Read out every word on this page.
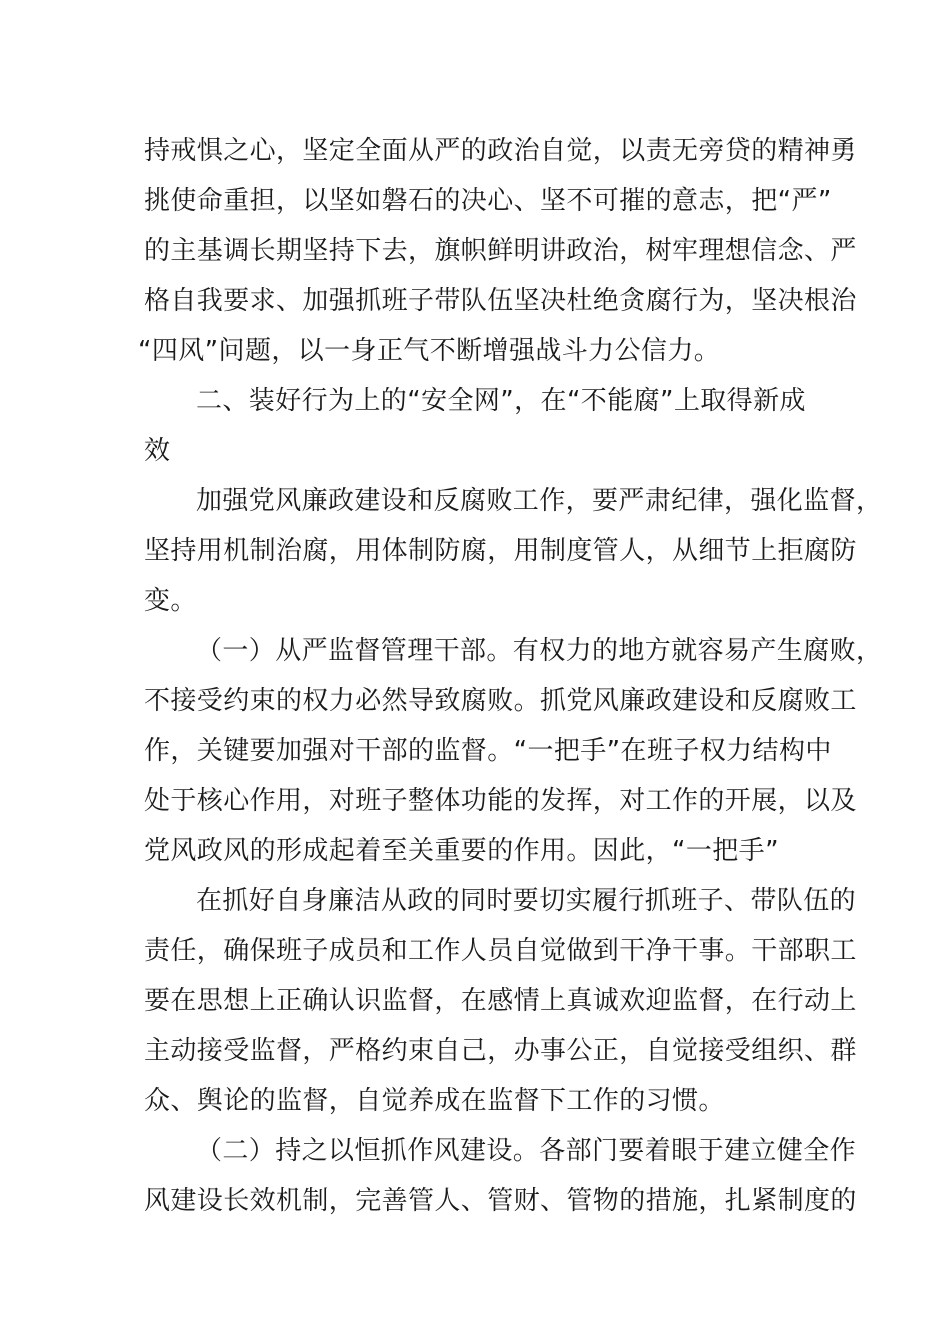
持戒惧之心，坚定全面从严的政治自觉，以责无旁贷的精神勇
挑使命重担，以坚如磐石的决心、坚不可摧的意志，把“严”
的主基调长期坚持下去，旗帜鲜明讲政治，树牢理想信念、严
格自我要求、加强抓班子带队伍坚决杜绝贪腐行为，坚决根治
“四风”问题，以一身正气不断增强战斗力公信力。
二、装好行为上的“安全网”，在“不能腐”上取得新成
效
加强党风廉政建设和反腐败工作，要严肃纪律，强化监督，
坚持用机制治腐，用体制防腐，用制度管人，从细节上拒腐防
变。
（一）从严监督管理干部。有权力的地方就容易产生腐败，
不接受约束的权力必然导致腐败。抓党风廉政建设和反腐败工
作，关键要加强对干部的监督。“一把手”在班子权力结构中
处于核心作用，对班子整体功能的发挥，对工作的开展，以及
党风政风的形成起着至关重要的作用。因此，“一把手”
在抓好自身廉洁从政的同时要切实履行抓班子、带队伍的
责任，确保班子成员和工作人员自觉做到干净干事。干部职工
要在思想上正确认识监督，在感情上真诚欢迎监督，在行动上
主动接受监督，严格约束自己，办事公正，自觉接受组织、群
众、舆论的监督，自觉养成在监督下工作的习惯。
（二）持之以恒抓作风建设。各部门要着眼于建立健全作
风建设长效机制，完善管人、管财、管物的措施，扎紧制度的
